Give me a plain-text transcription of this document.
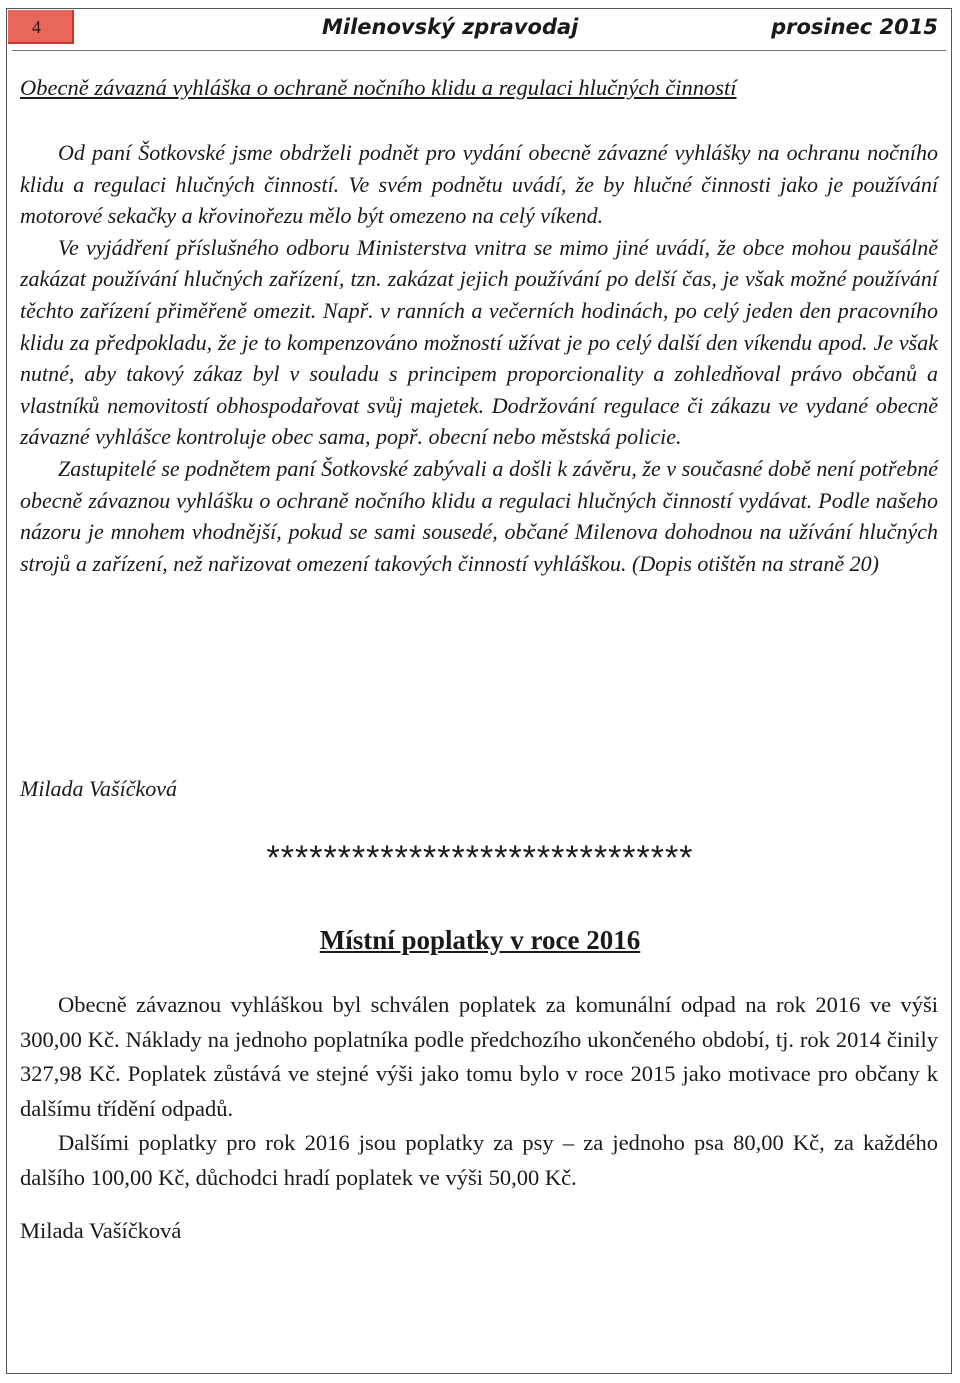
4	Milenovský zpravodaj	prosinec 2015
Obecně závazná vyhláška o ochraně nočního klidu a regulaci hlučných činností

Od paní Šotkovské jsme obdrželi podnět pro vydání obecně závazné vyhlášky na ochranu nočního klidu a regulaci hlučných činností. Ve svém podnětu uvádí, že by hlučné činnosti jako je používání motorové sekačky a křovinořezu mělo být omezeno na celý víkend.

Ve vyjádření příslušného odboru Ministerstva vnitra se mimo jiné uvádí, že obce mohou paušálně zakázat používání hlučných zařízení, tzn. zakázat jejich používání po delší čas, je však možné používání těchto zařízení přiměřeně omezit. Např. v ranních a večerních hodinách, po celý jeden den pracovního klidu za předpokladu, že je to kompenzováno možností užívat je po celý další den víkendu apod. Je však nutné, aby takový zákaz byl v souladu s principem proporcionality a zohledňoval právo občanů a vlastníků nemovitostí obhospodařovat svůj majetek. Dodržování regulace či zákazu ve vydané obecně závazné vyhlášce kontroluje obec sama, popř. obecní nebo městská policie.

Zastupitelé se podnětem paní Šotkovské zabývali a došli k závěru, že v současné době není potřebné obecně závaznou vyhlášku o ochraně nočního klidu a regulaci hlučných činností vydávat. Podle našeho názoru je mnohem vhodnější, pokud se sami sousedé, občané Milenova dohodnou na užívání hlučných strojů a zařízení, než nařizovat omezení takových činností vyhláškou. (Dopis otištěn na straně 20)

Milada Vašíčková
******************************
Místní poplatky v roce 2016

Obecně závaznou vyhláškou byl schválen poplatek za komunální odpad na rok 2016 ve výši 300,00 Kč. Náklady na jednoho poplatníka podle předchozího ukončeného období, tj. rok 2014 činily 327,98 Kč. Poplatek zůstává ve stejné výši jako tomu bylo v roce 2015 jako motivace pro občany k dalšímu třídění odpadů.

Dalšími poplatky pro rok 2016 jsou poplatky za psy – za jednoho psa 80,00 Kč, za každého dalšího 100,00 Kč, důchodci hradí poplatek ve výši 50,00 Kč.

Milada Vašíčková
